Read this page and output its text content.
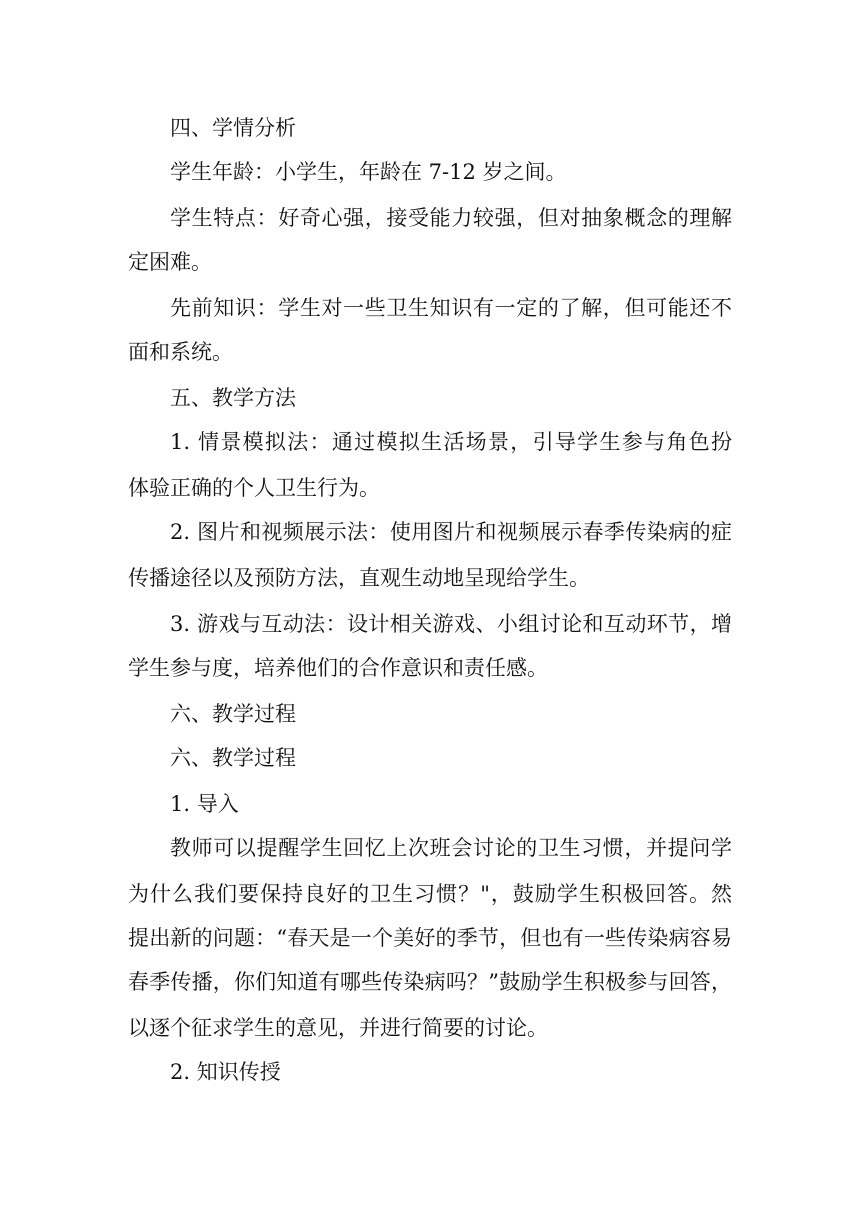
四、学情分析
学生年龄：小学生，年龄在 7-12 岁之间。
学生特点：好奇心强，接受能力较强，但对抽象概念的理解
定困难。
先前知识：学生对一些卫生知识有一定的了解，但可能还不
面和系统。
五、教学方法
1. 情景模拟法：通过模拟生活场景，引导学生参与角色扮
体验正确的个人卫生行为。
2. 图片和视频展示法：使用图片和视频展示春季传染病的症
传播途径以及预防方法，直观生动地呈现给学生。
3. 游戏与互动法：设计相关游戏、小组讨论和互动环节，增
学生参与度，培养他们的合作意识和责任感。
六、教学过程
六、教学过程
1. 导入
教师可以提醒学生回忆上次班会讨论的卫生习惯，并提问学
为什么我们要保持良好的卫生习惯？"，鼓励学生积极回答。然
提出新的问题：“春天是一个美好的季节，但也有一些传染病容易
春季传播，你们知道有哪些传染病吗？”鼓励学生积极参与回答，
以逐个征求学生的意见，并进行简要的讨论。
2. 知识传授
